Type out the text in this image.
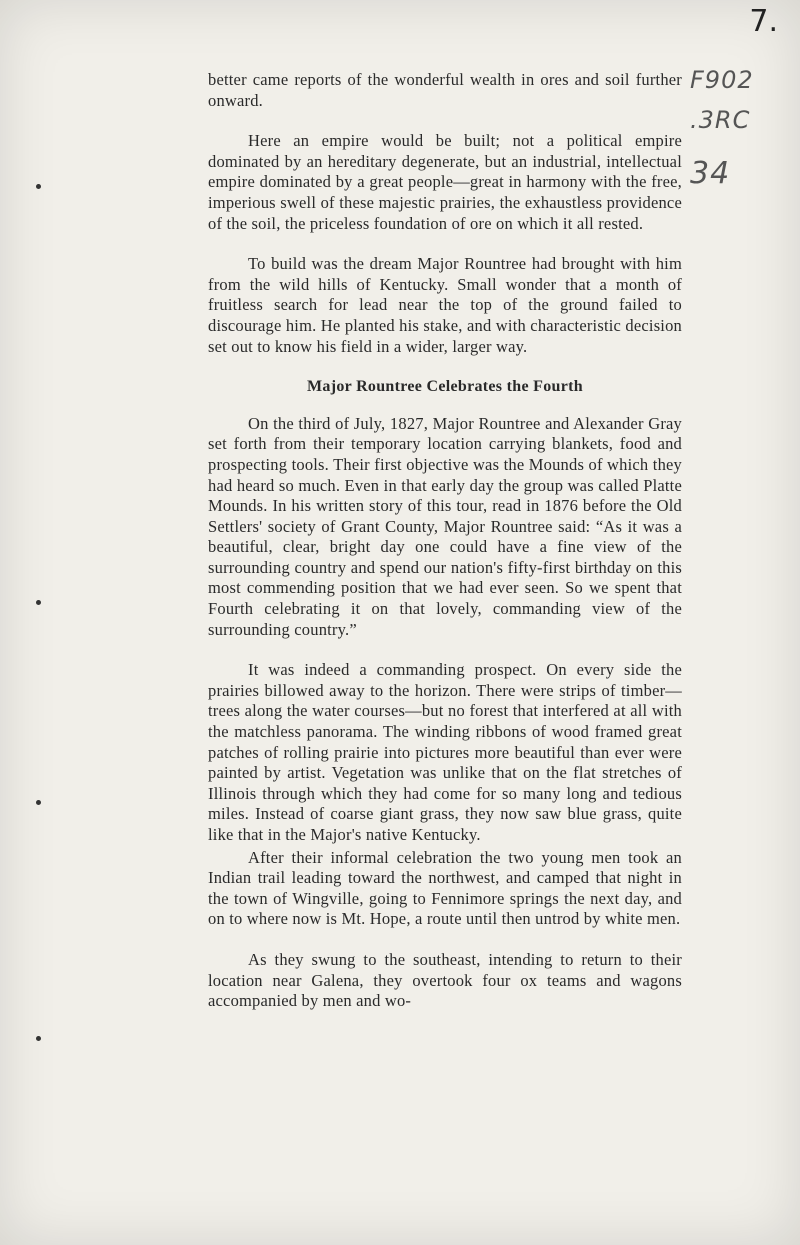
7.
F902
.3RC
34

better came reports of the wonderful wealth in ores and soil further onward.

Here an empire would be built; not a political empire dominated by an hereditary degenerate, but an industrial, intellectual empire dominated by a great people—great in harmony with the free, imperious swell of these majestic prairies, the exhaustless providence of the soil, the priceless foundation of ore on which it all rested.

To build was the dream Major Rountree had brought with him from the wild hills of Kentucky. Small wonder that a month of fruitless search for lead near the top of the ground failed to discourage him. He planted his stake, and with characteristic decision set out to know his field in a wider, larger way.

Major Rountree Celebrates the Fourth

On the third of July, 1827, Major Rountree and Alexander Gray set forth from their temporary location carrying blankets, food and prospecting tools. Their first objective was the Mounds of which they had heard so much. Even in that early day the group was called Platte Mounds. In his written story of this tour, read in 1876 before the Old Settlers' society of Grant County, Major Rountree said: “As it was a beautiful, clear, bright day one could have a fine view of the surrounding country and spend our nation's fifty-first birthday on this most commending position that we had ever seen. So we spent that Fourth celebrating it on that lovely, commanding view of the surrounding country.”

It was indeed a commanding prospect. On every side the prairies billowed away to the horizon. There were strips of timber—trees along the water courses—but no forest that interfered at all with the matchless panorama. The winding ribbons of wood framed great patches of rolling prairie into pictures more beautiful than ever were painted by artist. Vegetation was unlike that on the flat stretches of Illinois through which they had come for so many long and tedious miles. Instead of coarse giant grass, they now saw blue grass, quite like that in the Major's native Kentucky.

After their informal celebration the two young men took an Indian trail leading toward the northwest, and camped that night in the town of Wingville, going to Fennimore springs the next day, and on to where now is Mt. Hope, a route until then untrod by white men.

As they swung to the southeast, intending to return to their location near Galena, they overtook four ox teams and wagons accompanied by men and wo-
